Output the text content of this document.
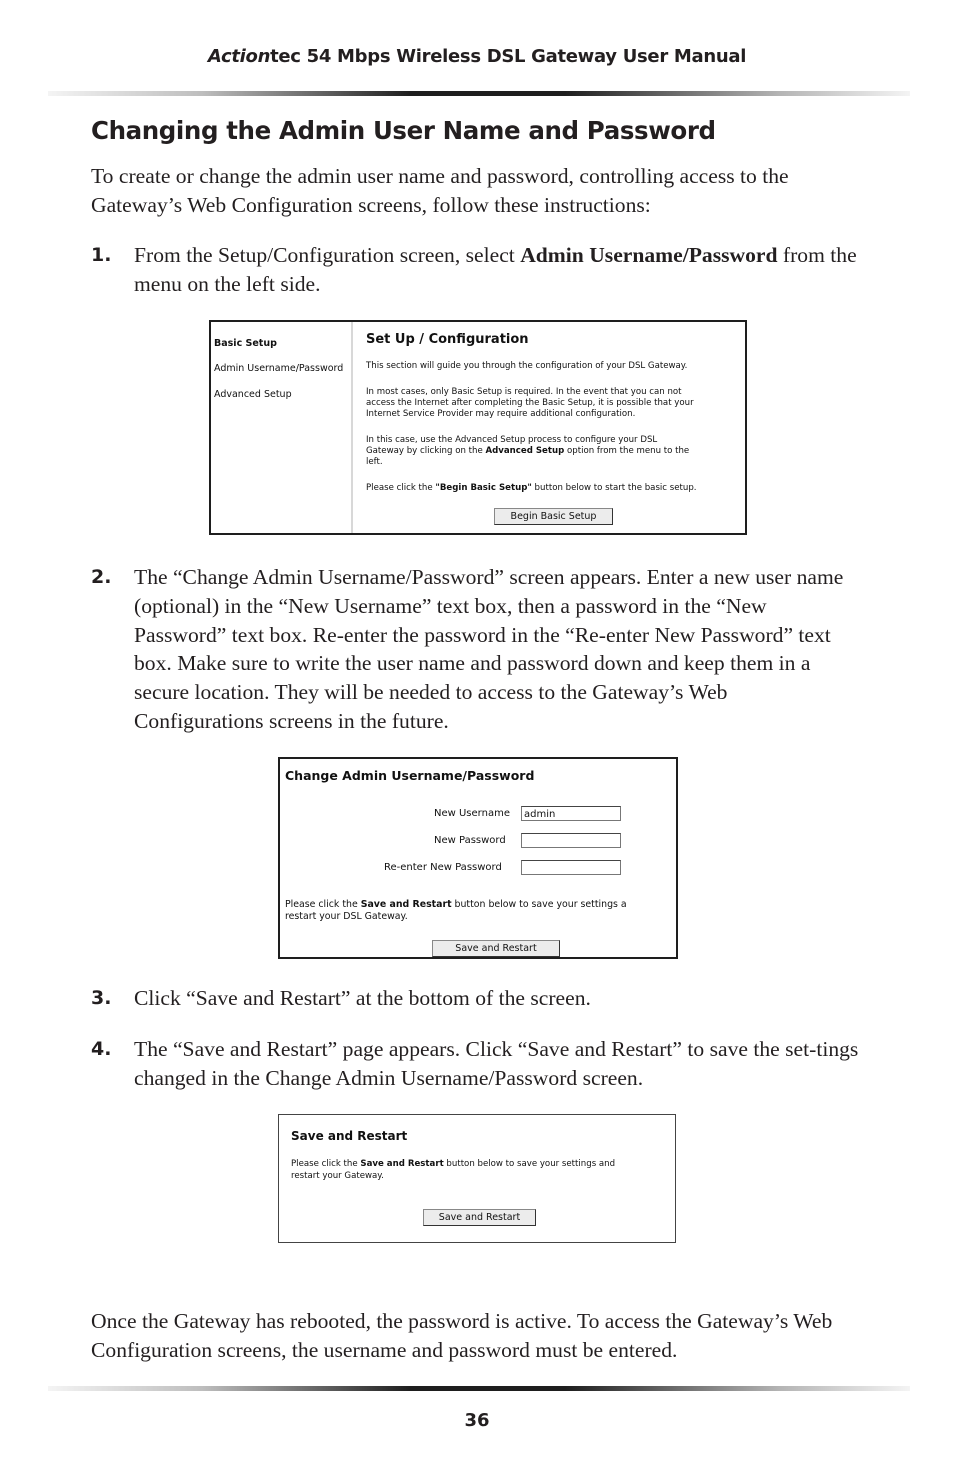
Actiontec 54 Mbps Wireless DSL Gateway User Manual
Changing the Admin User Name and Password
To create or change the admin user name and password, controlling access to the Gateway’s Web Configuration screens, follow these instructions:
1. From the Setup/Configuration screen, select Admin Username/Password from the menu on the left side.
Basic Setup
Admin Username/Password
Advanced Setup
Set Up / Configuration
This section will guide you through the configuration of your DSL Gateway.
In most cases, only Basic Setup is required. In the event that you can not
access the Internet after completing the Basic Setup, it is possible that your
Internet Service Provider may require additional configuration.
In this case, use the Advanced Setup process to configure your DSL
Gateway by clicking on the Advanced Setup option from the menu to the
left.
Please click the "Begin Basic Setup" button below to start the basic setup.
Begin Basic Setup
2. The “Change Admin Username/Password” screen appears. Enter a new user name (optional) in the “New Username” text box, then a password in the “New Password” text box. Re-enter the password in the “Re-enter New Password” text box. Make sure to write the user name and password down and keep them in a secure location. They will be needed to access to the Gateway’s Web Configurations screens in the future.
Change Admin Username/Password
New Username	admin
New Password
Re-enter New Password
Please click the Save and Restart button below to save your settings a
restart your DSL Gateway.
Save and Restart
3. Click “Save and Restart” at the bottom of the screen.
4. The “Save and Restart” page appears. Click “Save and Restart” to save the set-tings changed in the Change Admin Username/Password screen.
Save and Restart
Please click the Save and Restart button below to save your settings and
restart your Gateway.
Save and Restart
Once the Gateway has rebooted, the password is active. To access the Gateway’s Web Configuration screens, the username and password must be entered.
36
